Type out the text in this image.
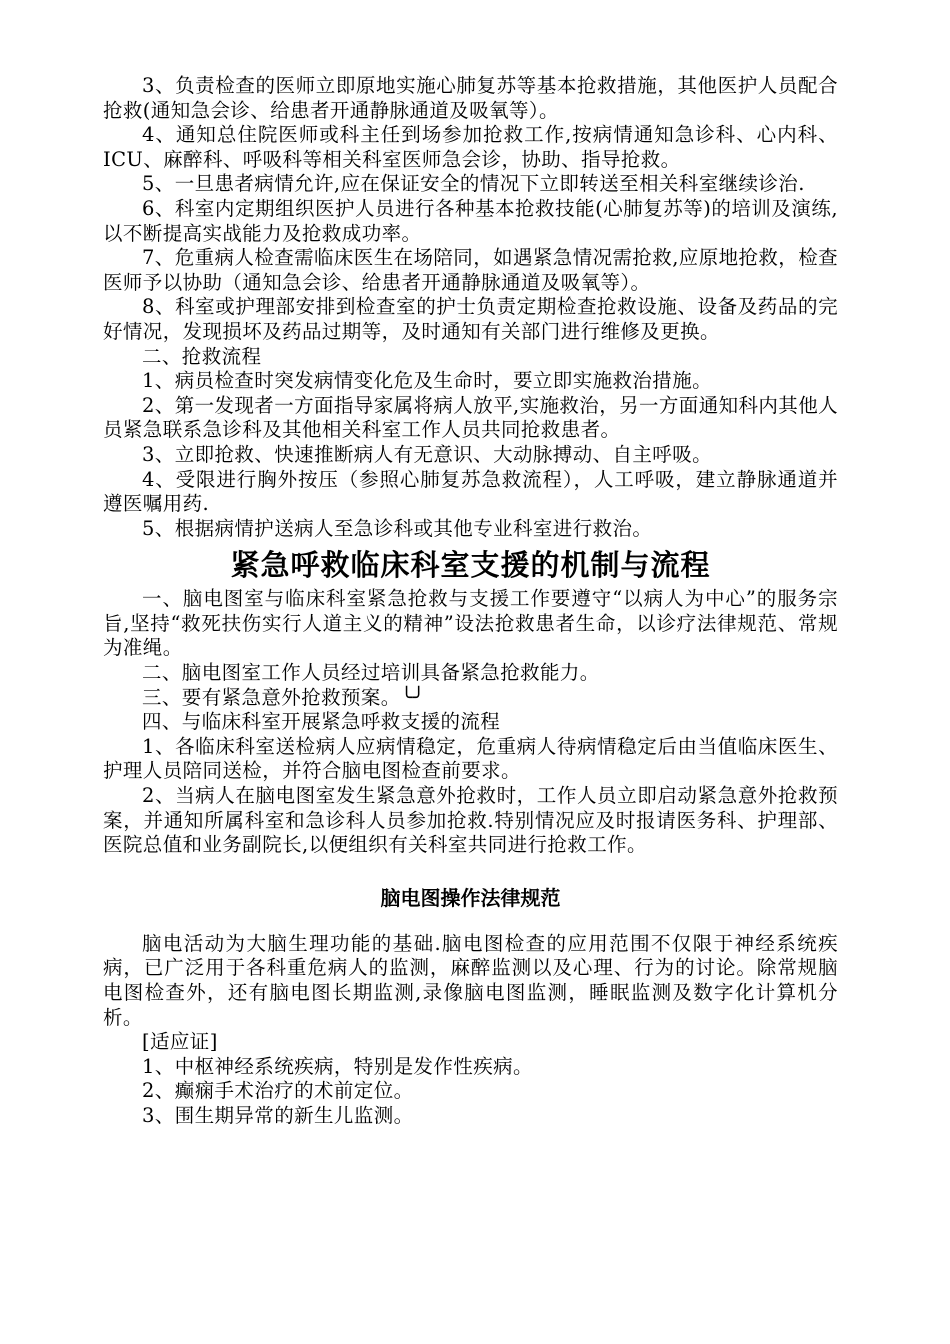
3、负责检查的医师立即原地实施心肺复苏等基本抢救措施，其他医护人员配合抢救(通知急会诊、给患者开通静脉通道及吸氧等）。

4、通知总住院医师或科主任到场参加抢救工作,按病情通知急诊科、心内科、ICU、麻醉科、呼吸科等相关科室医师急会诊，协助、指导抢救。

5、一旦患者病情允许,应在保证安全的情况下立即转送至相关科室继续诊治.

6、科室内定期组织医护人员进行各种基本抢救技能(心肺复苏等)的培训及演练,以不断提高实战能力及抢救成功率。

7、危重病人检查需临床医生在场陪同，如遇紧急情况需抢救,应原地抢救，检查医师予以协助（通知急会诊、给患者开通静脉通道及吸氧等）。

8、科室或护理部安排到检查室的护士负责定期检查抢救设施、设备及药品的完好情况，发现损坏及药品过期等，及时通知有关部门进行维修及更换。

二、抢救流程

1、病员检查时突发病情变化危及生命时，要立即实施救治措施。

2、第一发现者一方面指导家属将病人放平,实施救治，另一方面通知科内其他人员紧急联系急诊科及其他相关科室工作人员共同抢救患者。

3、立即抢救、快速推断病人有无意识、大动脉搏动、自主呼吸。

4、受限进行胸外按压（参照心肺复苏急救流程），人工呼吸，建立静脉通道并遵医嘱用药.

5、根据病情护送病人至急诊科或其他专业科室进行救治。

紧急呼救临床科室支援的机制与流程

一、脑电图室与临床科室紧急抢救与支援工作要遵守“以病人为中心”的服务宗旨,坚持“救死扶伤实行人道主义的精神”设法抢救患者生命，以诊疗法律规范、常规为准绳。

二、脑电图室工作人员经过培训具备紧急抢救能力。

三、要有紧急意外抢救预案。╰╯

四、与临床科室开展紧急呼救支援的流程

1、各临床科室送检病人应病情稳定，危重病人待病情稳定后由当值临床医生、护理人员陪同送检，并符合脑电图检查前要求。

2、当病人在脑电图室发生紧急意外抢救时，工作人员立即启动紧急意外抢救预案，并通知所属科室和急诊科人员参加抢救.特别情况应及时报请医务科、护理部、医院总值和业务副院长,以便组织有关科室共同进行抢救工作。

脑电图操作法律规范

脑电活动为大脑生理功能的基础.脑电图检查的应用范围不仅限于神经系统疾病，已广泛用于各科重危病人的监测，麻醉监测以及心理、行为的讨论。除常规脑电图检查外，还有脑电图长期监测,录像脑电图监测，睡眠监测及数字化计算机分析。

[适应证]

1、中枢神经系统疾病，特别是发作性疾病。

2、癫痫手术治疗的术前定位。

3、围生期异常的新生儿监测。
